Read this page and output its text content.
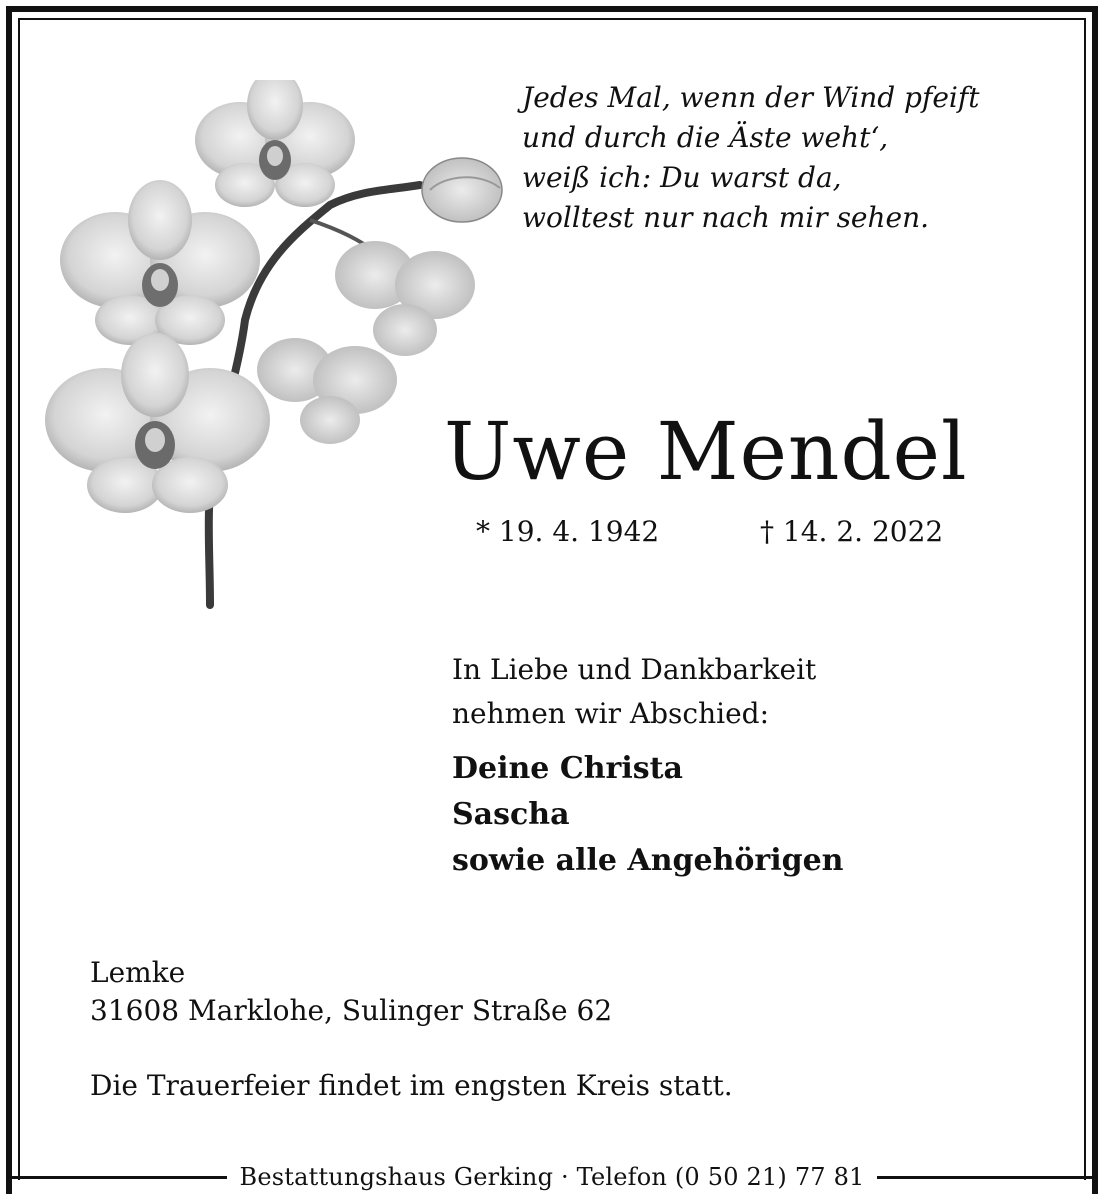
Jedes Mal, wenn der Wind pfeift
und durch die Äste weht‘,
weiß ich: Du warst da,
wolltest nur nach mir sehen.
Uwe Mendel
* 19. 4. 1942	† 14. 2. 2022
In Liebe und Dankbarkeit
nehmen wir Abschied:
Deine Christa
Sascha
sowie alle Angehörigen
Lemke
31608 Marklohe, Sulinger Straße 62
Die Trauerfeier findet im engsten Kreis statt.
Bestattungshaus Gerking · Telefon (0 50 21) 77 81
